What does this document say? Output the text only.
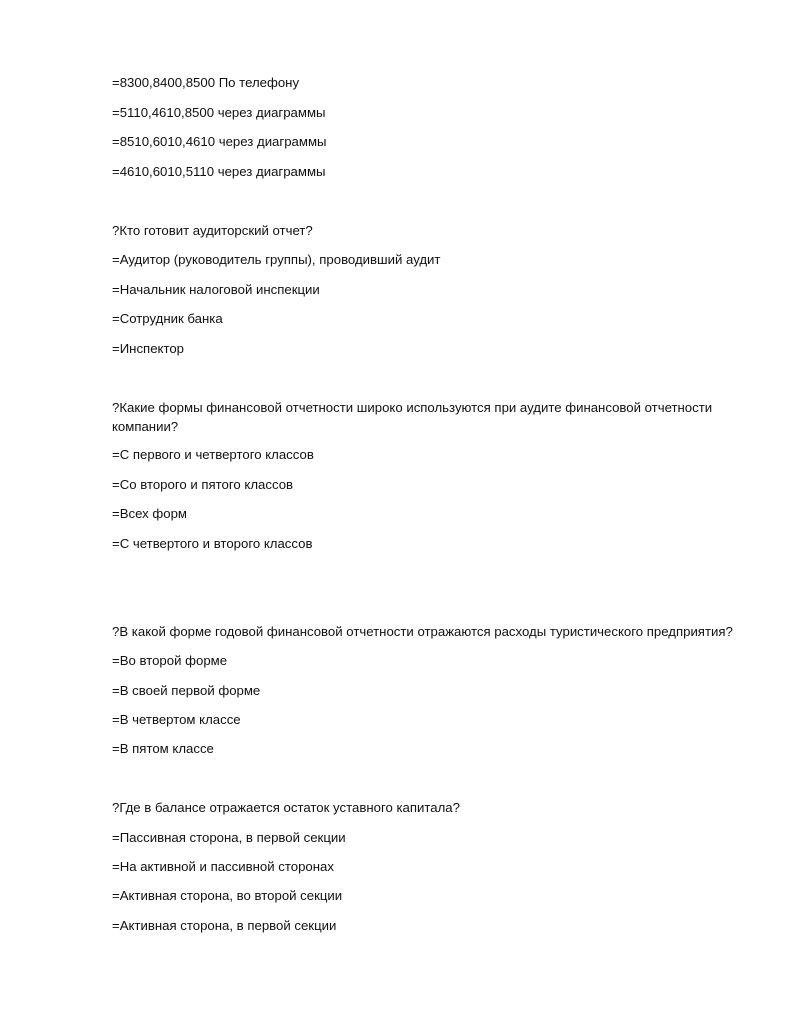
=8300,8400,8500 По телефону
=5110,4610,8500 через диаграммы
=8510,6010,4610 через диаграммы
=4610,6010,5110 через диаграммы
?Кто готовит аудиторский отчет?
=Аудитор (руководитель группы), проводивший аудит
=Начальник налоговой инспекции
=Сотрудник банка
=Инспектор
?Какие формы финансовой отчетности широко используются при аудите финансовой отчетности компании?
=С первого и четвертого классов
=Со второго и пятого классов
=Всех форм
=С четвертого и второго классов
?В какой форме годовой финансовой отчетности отражаются расходы туристического предприятия?
=Во второй форме
=В своей первой форме
=В четвертом классе
=В пятом классе
?Где в балансе отражается остаток уставного капитала?
=Пассивная сторона, в первой секции
=На активной и пассивной сторонах
=Активная сторона, во второй секции
=Активная сторона, в первой секции
